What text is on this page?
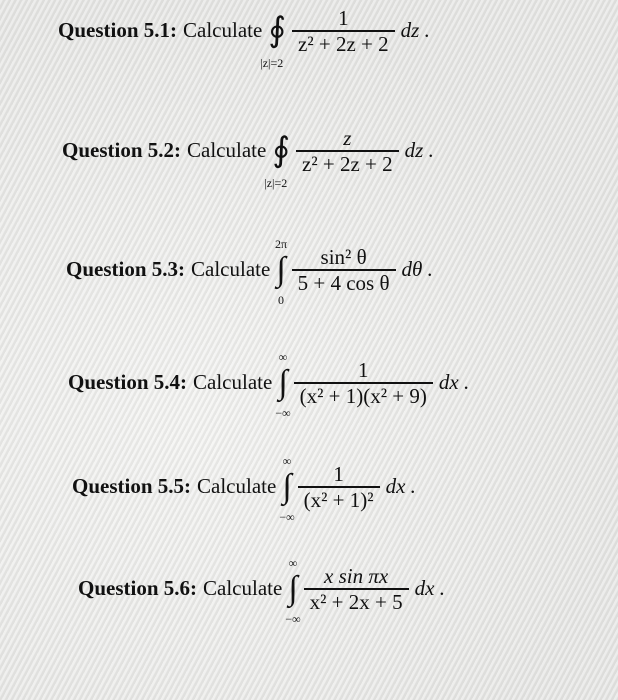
Question 5.1: Calculate ∮
|z|=2
$\frac{1}{\text{z² + 2z + 2}}$ dz .
Question 5.2: Calculate ∮
|z|=2
$\frac{z}{\text{z² + 2z + 2}}$ dz .
Question 5.3: Calculate
2π
∫
0
$\frac{\text{sin² θ}}{\text{5 + 4 cos θ}}$ dθ .
Question 5.4: Calculate
∞
∫
−∞
$\frac{1}{\text{(x² + 1)(x² + 9)}}$ dx .
Question 5.5: Calculate
∞
∫
−∞
$\frac{1}{\text{(x² + 1)²}}$ dx .
Question 5.6: Calculate
∞
∫
−∞
$\frac{\text{x sin πx}}{\text{x² + 2x + 5}}$ dx .
